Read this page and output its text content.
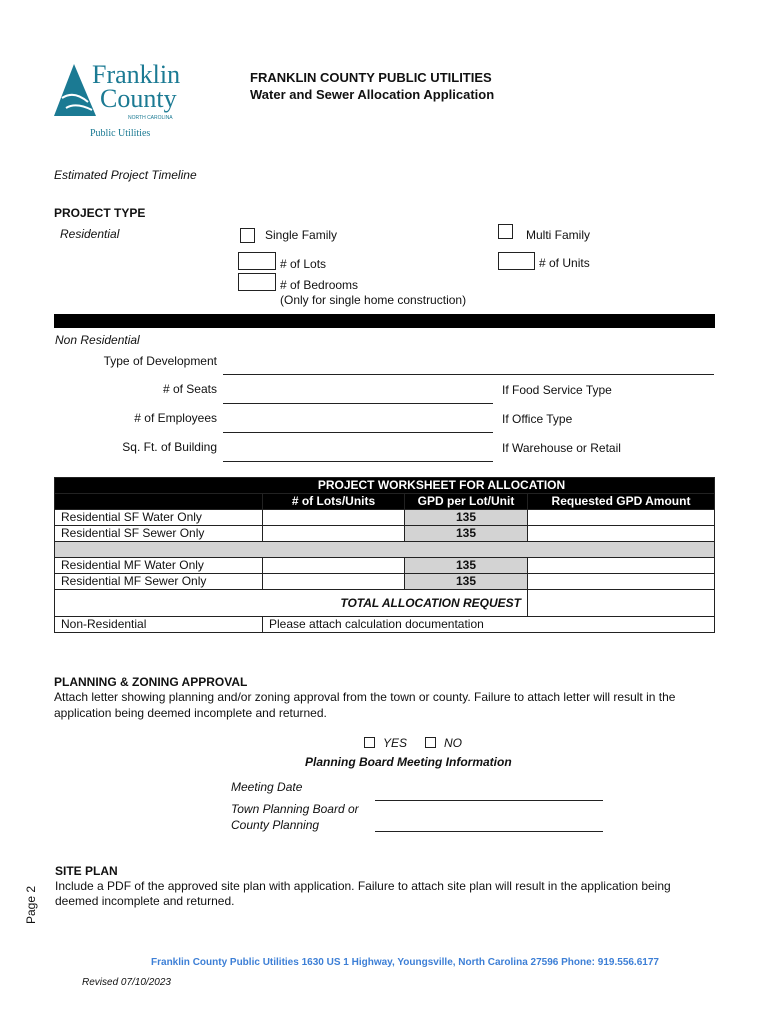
Franklin
County
NORTH CAROLINA
Public Utilities
FRANKLIN COUNTY PUBLIC UTILITIES
Water and Sewer Allocation Application
Estimated Project Timeline
PROJECT TYPE
Residential	Single Family	Multi Family
# of Lots	# of Units
# of Bedrooms
(Only for single home construction)
Non Residential
Type of Development
# of Seats	If Food Service Type
# of Employees	If Office Type
Sq. Ft. of Building	If Warehouse or Retail
PROJECT WORKSHEET FOR ALLOCATION			
	# of Lots/Units	GPD per Lot/Unit	Requested GPD Amount
Residential SF Water Only		135	
Residential SF Sewer Only		135	

Residential MF Water Only		135	
Residential MF Sewer Only		135	
TOTAL ALLOCATION REQUEST			
Non-Residential	Please attach calculation documentation		
PLANNING & ZONING APPROVAL
Attach letter showing planning and/or zoning approval from the town or county. Failure to attach letter will result in the
application being deemed incomplete and returned.
YES	NO
Planning Board Meeting Information
Meeting Date
Town Planning Board or
County Planning
SITE PLAN
Include a PDF of the approved site plan with application. Failure to attach site plan will result in the application being
deemed incomplete and returned.
Page 2
Franklin County Public Utilities 1630 US 1 Highway, Youngsville, North Carolina 27596 Phone: 919.556.6177
Revised 07/10/2023
